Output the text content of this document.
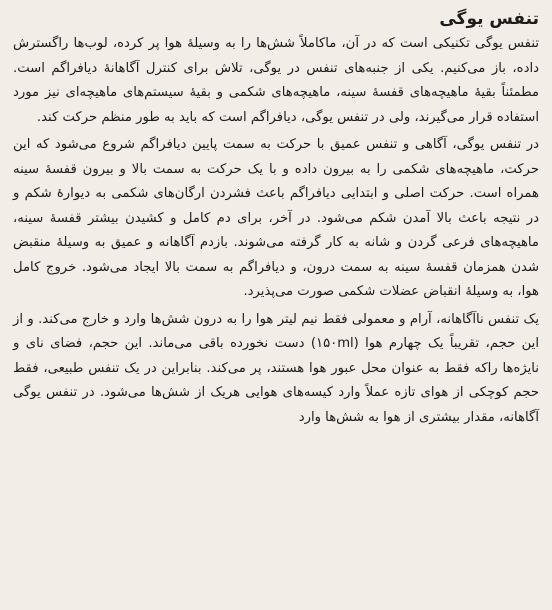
تنفس یوگی

تنفس یوگی تکنیکی است که در آن، ماکاملاً شش‌ها را به وسیلهٔ هوا پر کرده، لوب‌ها راگسترش داده، باز می‌کنیم. یکی از جنبه‌های تنفس در یوگی، تلاش برای کنترل آگاهانهٔ دیافراگم است. مطمئناً بقیهٔ ماهیچه‌های قفسهٔ سینه، ماهیچه‌های شکمی و بقیهٔ سیستم‌های ماهیچه‌ای نیز مورد استفاده قرار می‌گیرند، ولی در تنفس یوگی، دیافراگم است که باید به طور منظم حرکت کند.

در تنفس یوگی، آگاهی و تنفس عمیق با حرکت به سمت پایین دیافراگم شروع می‌شود که این حرکت، ماهیچه‌های شکمی را به بیرون داده و با یک حرکت به سمت بالا و بیرون قفسهٔ سینه همراه است. حرکت اصلی و ابتدایی دیافراگم باعث فشردن ارگان‌های شکمی به دیوارهٔ شکم و در نتیجه باعث بالا آمدن شکم می‌شود. در آخر، برای دم کامل و کشیدن بیشتر قفسهٔ سینه، ماهیچه‌های فرعی گردن و شانه به کار گرفته می‌شوند. بازدم آگاهانه و عمیق به وسیلهٔ منقبض شدن همزمان قفسهٔ سینه به سمت درون، و دیافراگم به سمت بالا ایجاد می‌شود. خروج کامل هوا، به وسیلهٔ انقباض عضلات شکمی صورت می‌پذیرد.

یک تنفس ناآگاهانه، آرام و معمولی فقط نیم لیتر هوا را به درون شش‌ها وارد و خارج می‌کند. و از این حجم، تقریباً یک چهارم هوا (۱۵۰ml) دست نخورده باقی می‌ماند. این حجم، فضای نای و نایژه‌ها راکه فقط به عنوان محل عبور هوا هستند، پر می‌کند. بنابراین در یک تنفس طبیعی، فقط حجم کوچکی از هوای تازه عملاً وارد کیسه‌های هوایی هریک از شش‌ها می‌شود. در تنفس یوگی آگاهانه، مقدار بیشتری از هوا به شش‌ها وارد
